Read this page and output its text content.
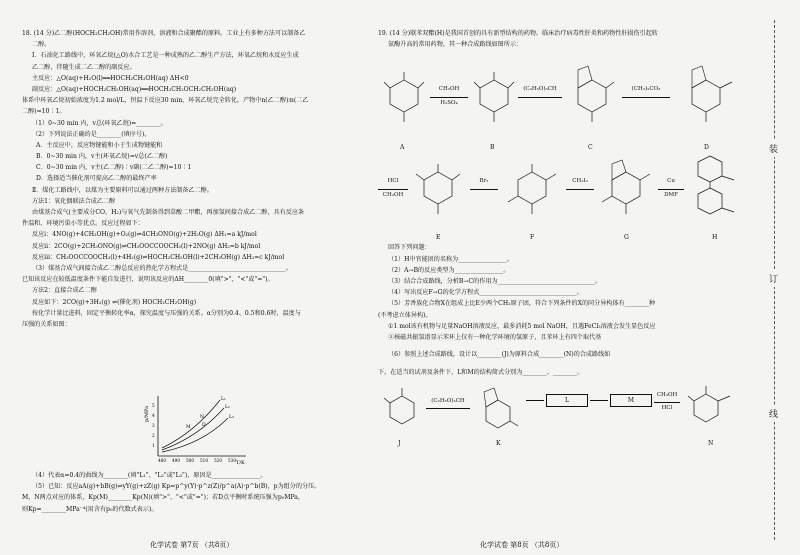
18. (14 分)乙二醇(HOCH₂CH₂OH)常用作溶剂、溶液和合成聚酯的原料。工业上有多种方法可以制备乙
二醇。
Ⅰ．石油化工路线中，环氧乙烷(△O)水合工艺是一种成熟的乙二醇生产方法，环氧乙烷和水反应生成
乙二醇，伴随生成二乙二醇的副反应。
主反应：△O(aq)+H₂O(l)══HOCH₂CH₂OH(aq) ΔH<0
副反应：△O(aq)+HOCH₂CH₂OH(aq)══HOCH₂CH₂OCH₂CH₂OH(aq)
体系中环氧乙烷初始浓度为1.2 mol/L，恒温下反应30 min，环氧乙烷完全转化，产物中n(乙二醇)∶n(二乙
二醇)=10∶1。
（1）0~30 min 内，v总(环氧乙烷)=________。
（2）下列说法正确的是________(填序号)。
A．主反应中，反应物键能和小于生成物键能和
B．0~30 min 内，v主(环氧乙烷)=v总(乙二醇)
C．0~30 min 内，v主(乙二醇)∶v副(二乙二醇)=10∶1
D．选择适当催化剂可提高乙二醇的最终产率
Ⅱ．煤化工路线中，以煤为主要原料可以通过两种方法制备乙二醇。
方法1：氧化偶联法合成乙二醇
由煤基合成气(主要成分CO、H₂)与氧气先制备得到草酸二甲酯，再加氢间接合成乙二醇，具有反应条
件温和、环境污染小等优点。反应过程如下：
反应i：4NO(g)+4CH₃OH(g)+O₂(g)⇌4CH₃ONO(g)+2H₂O(g) ΔH₁=a kJ/mol
反应ii：2CO(g)+2CH₃ONO(g)⇌CH₃OOCCOOCH₃(l)+2NO(g) ΔH₂=b kJ/mol
反应iii：CH₃OOCCOOCH₃(l)+4H₂(g)⇌HOCH₂CH₂OH(l)+2CH₃OH(g) ΔH₃=c kJ/mol
（3）煤基合成气间接合成乙二醇总反应的热化学方程式是________________________________。
已知该反应在较低温度条件下能自发进行，说明该反应的ΔH________0(填">"、"<"或"=")。
方法2：直接合成乙二醇
反应如下：2CO(g)+3H₂(g) ⇌(催化剂) HOCH₂CH₂OH(g)
按化学计量比进料，固定平衡转化率α，探究温度与压强的关系。α分别为0.4、0.5和0.6时，温度与
压强的关系如图：
p/MPa
T/K
480 490 500 510 520 530
5
4
3
2
1
L₁
L₂
L₃
M
N
D
（4）代表α=0.4的曲线为________(填"L₁"、"L₂"或"L₃")，原因是________________。
（5）已知：反应aA(g)+bB(g)⇌yY(g)+zZ(g) Kp=p^y(Y)·p^z(Z)/p^a(A)·p^b(B)，p为组分的分压。
M、N两点对应的体系，Kp(M)________Kp(N)(填">"、"<"或"=")；若D点平衡时系统压强为p₀MPa，
则Kp=________MPa⁻⁴(用含有p₀的代数式表示)。
化学试卷 第7页 （共8页）
19. (14 分)联苯双酯(H)是我国首创的具有新型结构的药物。临床治疗病毒性肝炎和药物性肝损伤引起转
氨酶升高的常用药物，其一种合成路线如图所示：
A
CH₃OH
H₂SO₄
B
(C₂H₅O)₃CH
C
(CH₃)₂CO₃
D
HCl
CH₃OH
E
Br₂
F
CH₂I₂
G
Cu
DMF
H
回答下列问题：
（1）H中官能团的名称为________________。
（2）A→B的反应类型为________________。
（3）结合合成路线，分析B→C的作用为________________________________。
（4）写出反应F→G的化学方程式________________________________。
（5）芳香族化合物X在组成上比E少两个CH₂原子团，符合下列条件的X的同分异构体有________种
(不考虑立体异构)。
①1 mol该有机物与足量NaOH溶液反应，最多消耗5 mol NaOH，且遇FeCl₃溶液会发生显色反应
②核磁共振氢谱显示苯环上仅有一种化学环境的氢原子，且苯环上有四个取代基
（6）参照上述合成路线，设计以________(J)为原料合成________(N)的合成路线如
下。在适当的试剂及条件下，L和M的结构简式分别为________、________。
J
(C₂H₅O)₃CH
K
L	M
CH₃OH
HCl
N
化学试卷 第8页 （共8页）
装
订
线
